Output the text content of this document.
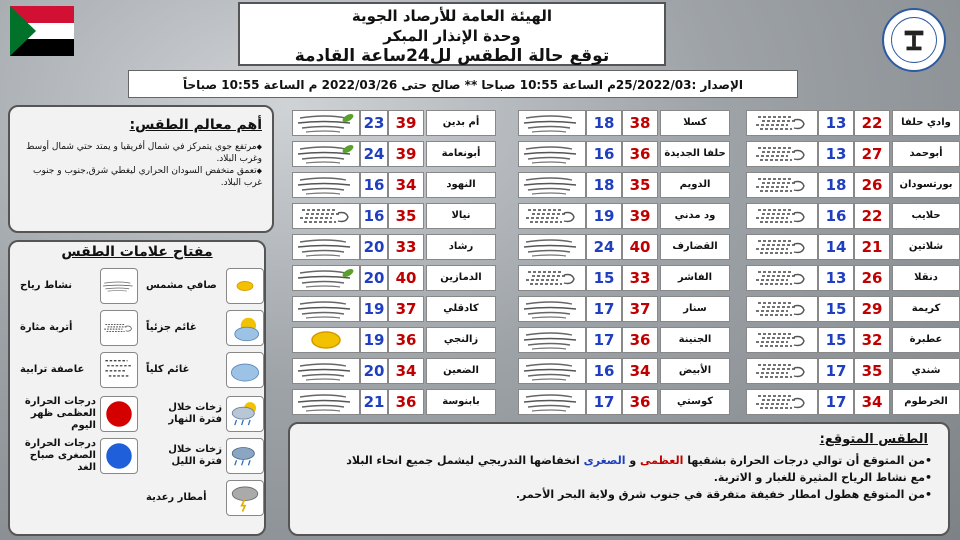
الهيئة العامة للأرصاد الجوية
وحدة الإنذار المبكر
توقع حالة الطقس لل24ساعة القادمة
الإصدار :25/2022/03م الساعة 10:55 صباحا ** صالح حتى 2022/03/26 م الساعة 10:55 صباحاً
23 39	أم بدين
24 39	أبونعامة
16 34	النهود
16 35	نيالا
20 33	رشاد
20 40	الدمازين
19 37	كادقلي
19 36	زالنجي
20 34	الضعين
21 36	بابنوسة
18	38	كسلا
16	36	حلفا الجديدة
18	35	الدويم
19	39	ود مدني
24	40	القضارف
15	33	الفاشر
17	37	سنار
17	36	الجنينة
16	34	الأبيض
17	36	كوستي
13	22	وادي حلفا
13	27	أبوحمد
18	26	بورتسودان
16	22	حلايب
14	21	شلاتين
13	26	دنقلا
15	29	كريمة
15	32	عطبرة
17	35	شندي
17	34	الخرطوم
أهم معالم الطقس:
◆ مرتفع جوي يتمركز في شمال أفريقيا و يمتد حتي شمال أوسط وغرب البلاد.
◆ تعمق منخفض السودان الحراري ليغطي شرق,جنوب و جنوب غرب البلاد.
مفتاح علامات الطقس
صافي مشمس
نشاط رياح
غائم جزئياً
أتربة مثارة
غائم كلياً
عاصفة ترابية
زخات خلال فترة النهار
درجات الحرارة العظمى ظهر اليوم
زخات خلال فترة الليل
درجات الحرارة الصغرى صباح الغد
أمطار رعدية
الطقس المتوقع:
• من المتوقع أن توالي درجات الحرارة بشقيها العظمى و الصغرى انخفاضها التدريجي ليشمل جميع انحاء البلاد
• مع نشاط الرياح المثيرة للغبار و الاتربة.
• من المتوقع هطول امطار خفيفة متفرقة في جنوب شرق ولاية البحر الأحمر.
